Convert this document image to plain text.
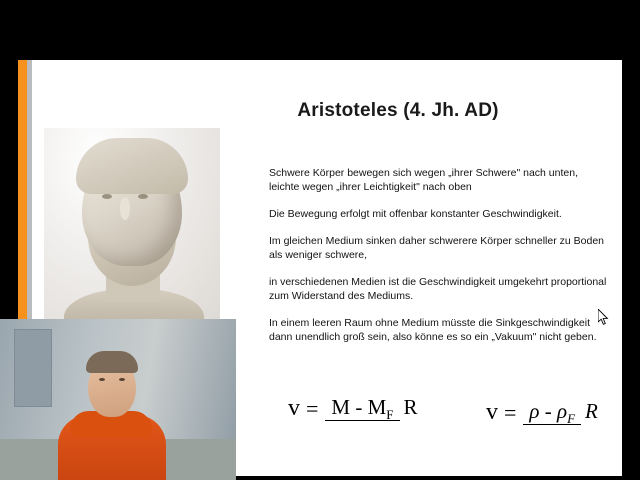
Aristoteles (4. Jh. AD)

Schwere Körper bewegen sich wegen „ihrer Schwere" nach unten, leichte wegen „ihrer Leichtigkeit" nach oben

Die Bewegung erfolgt mit offenbar konstanter Geschwindigkeit.

Im gleichen Medium sinken daher schwerere Körper schneller zu Boden als weniger schwere,

in verschiedenen Medien ist die Geschwindigkeit umgekehrt proportional zum Widerstand des Mediums.

In einem leeren Raum ohne Medium müsste die Sinkgeschwindigkeit dann unendlich groß sein, also könne es so ein „Vakuum" nicht geben.

$v = M - M_F$ R	$v = \rho - \rho_F$ R
